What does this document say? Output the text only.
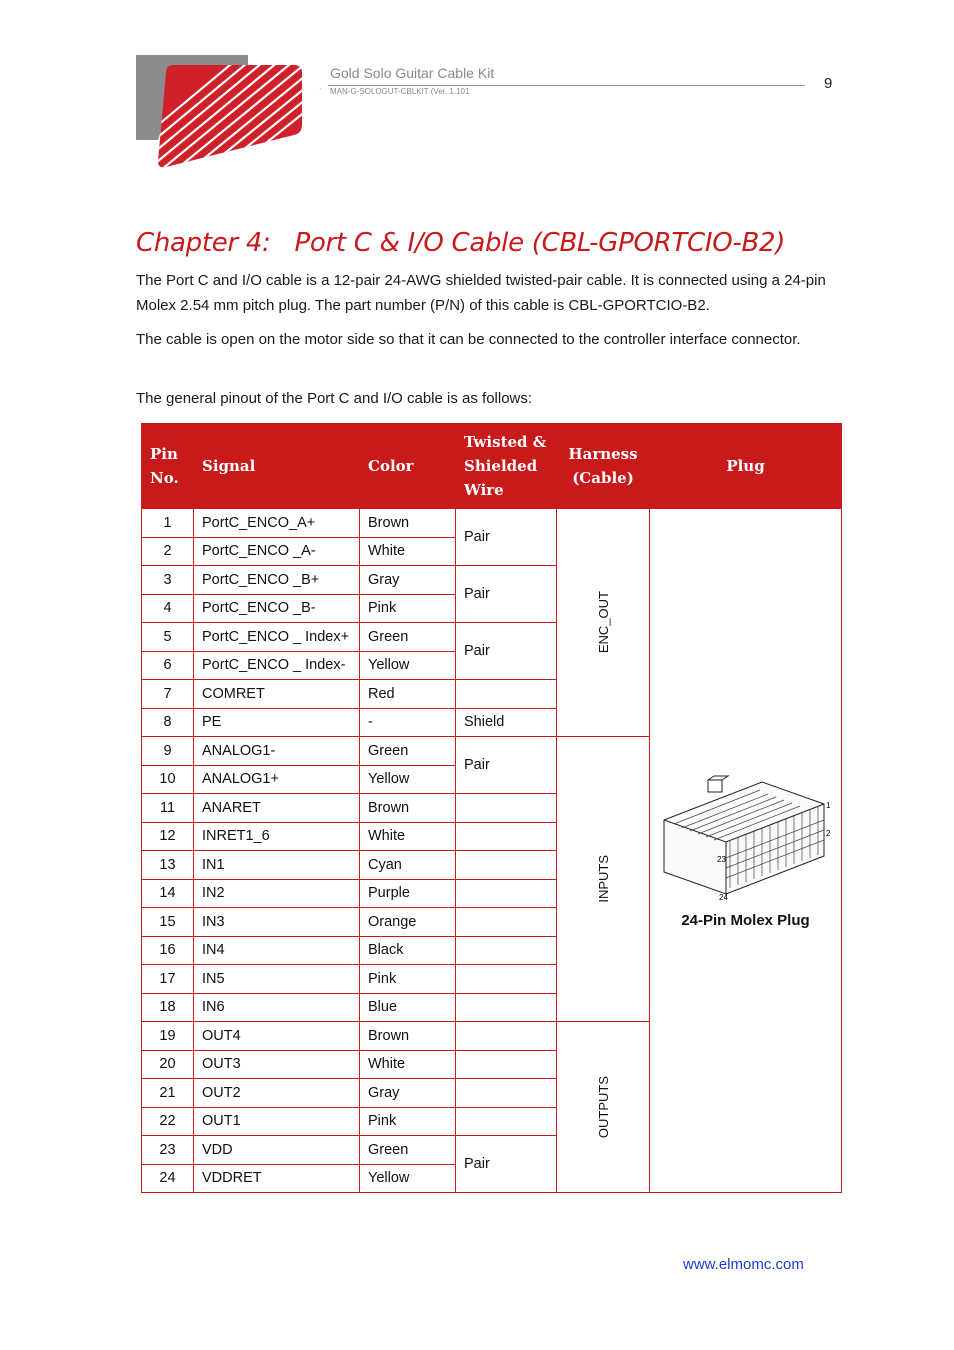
Gold Solo Guitar Cable Kit
· MAN-G-SOLOGUT-CBLKIT (Ver. 1.101	9
Chapter 4: Port C & I/O Cable (CBL-GPORTCIO-B2)
The Port C and I/O cable is a 12-pair 24-AWG shielded twisted-pair cable. It is connected using a 24-pin Molex 2.54 mm pitch plug. The part number (P/N) of this cable is CBL-GPORTCIO-B2.
The cable is open on the motor side so that it can be connected to the controller interface connector.
The general pinout of the Port C and I/O cable is as follows:
Pin No.	Signal	Color	Twisted & Shielded Wire	Harness (Cable)	Plug
1	PortC_ENCO_A+	Brown	Pair	ENC_OUT	1
2
23
24
24-Pin Molex Plug

2	PortC_ENCO _A-	White			
3	PortC_ENCO _B+	Gray	Pair		
4	PortC_ENCO _B-	Pink			
5	PortC_ENCO _ Index+	Green	Pair		
6	PortC_ENCO _ Index-	Yellow			
7	COMRET	Red			
8	PE	-	Shield		
9	ANALOG1-	Green	Pair	INPUTS	

10	ANALOG1+	Yellow			
11	ANARET	Brown			
12	INRET1_6	White			
13	IN1	Cyan			
14	IN2	Purple			
15	IN3	Orange			
16	IN4	Black			
17	IN5	Pink			
18	IN6	Blue			
19	OUT4	Brown		OUTPUTS	

20	OUT3	White			
21	OUT2	Gray			
22	OUT1	Pink			
23	VDD	Green	Pair		
24	VDDRET	Yellow			
www.elmomc.com
